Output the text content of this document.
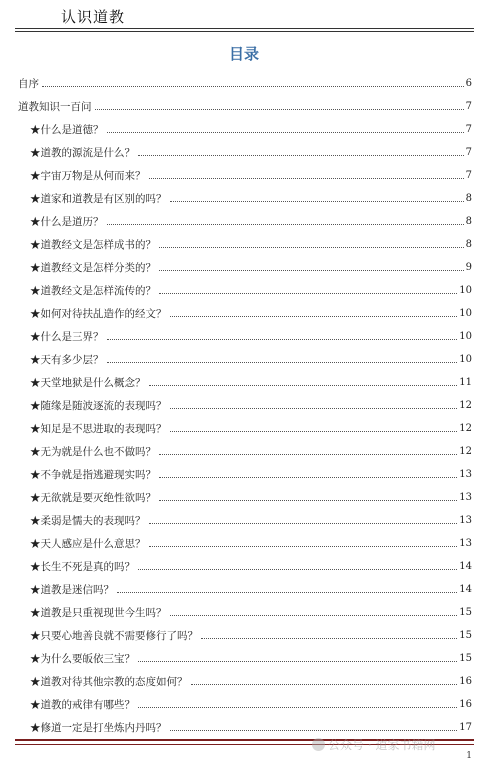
认识道教
目录
自序	6
道教知识一百问	7
★什么是道德？	7
★道教的源流是什么？	7
★宇宙万物是从何而来？	7
★道家和道教是有区别的吗？	8
★什么是道历？	8
★道教经文是怎样成书的？	8
★道教经文是怎样分类的？	9
★道教经文是怎样流传的？	10
★如何对待扶乩造作的经文？	10
★什么是三界？	10
★天有多少层？	10
★天堂地狱是什么概念？	11
★随缘是随波逐流的表现吗？	12
★知足是不思进取的表现吗？	12
★无为就是什么也不做吗？	12
★不争就是指逃避现实吗？	13
★无欲就是要灭绝性欲吗？	13
★柔弱是懦夫的表现吗？	13
★天人感应是什么意思？	13
★长生不死是真的吗？	14
★道教是迷信吗？	14
★道教是只重视现世今生吗？	15
★只要心地善良就不需要修行了吗？	15
★为什么要皈依三宝？	15
★道教对待其他宗教的态度如何？	16
★道教的戒律有哪些？	16
★修道一定是打坐炼内丹吗？	17
公众号 · 道家书籍网
1
